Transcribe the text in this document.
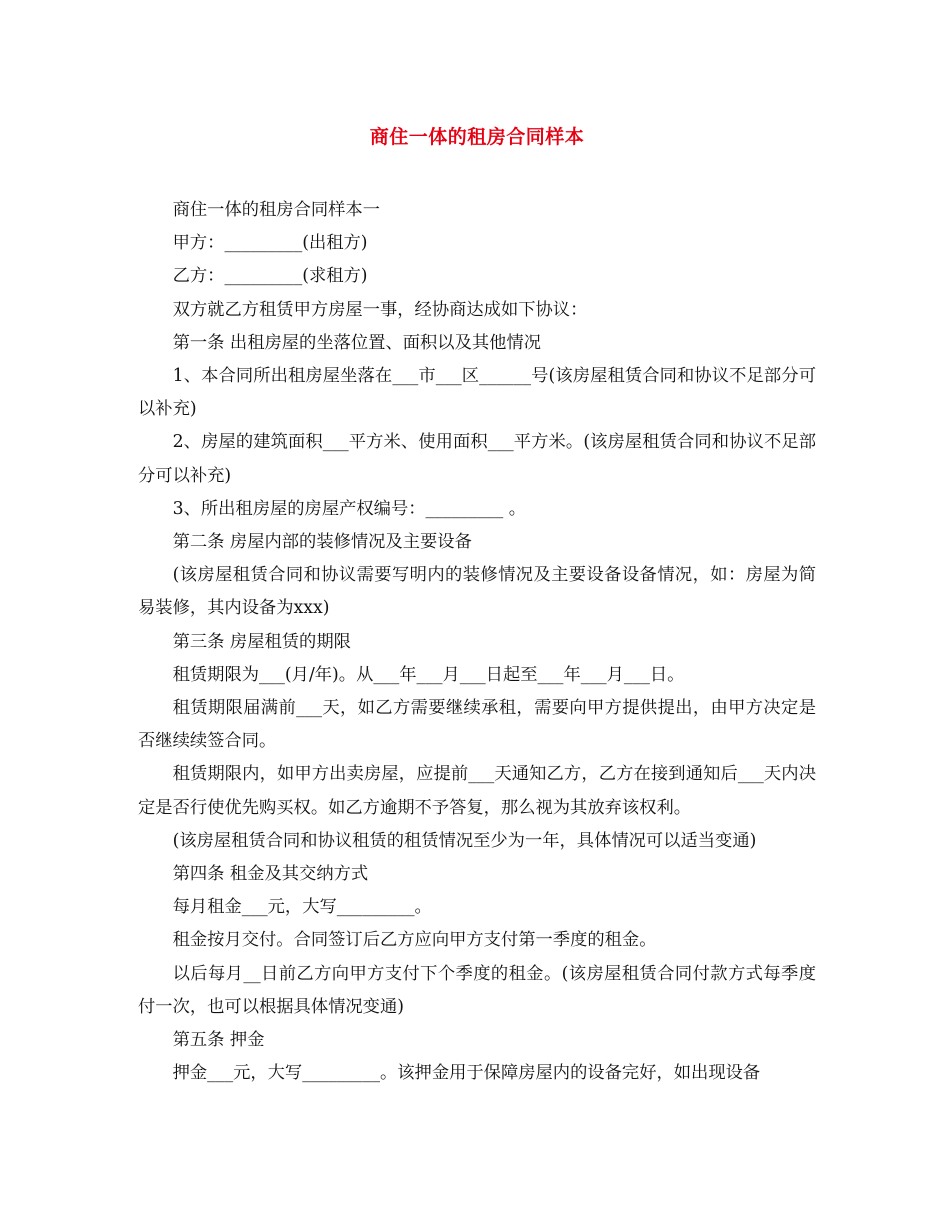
商住一体的租房合同样本

商住一体的租房合同样本一

甲方：_________(出租方)

乙方：_________(求租方)

双方就乙方租赁甲方房屋一事，经协商达成如下协议：

第一条 出租房屋的坐落位置、面积以及其他情况

1、本合同所出租房屋坐落在___市___区______号(该房屋租赁合同和协议不足部分可以补充)

2、房屋的建筑面积___平方米、使用面积___平方米。(该房屋租赁合同和协议不足部分可以补充)

3、所出租房屋的房屋产权编号：_________ 。

第二条 房屋内部的装修情况及主要设备

(该房屋租赁合同和协议需要写明内的装修情况及主要设备设备情况，如：房屋为简易装修，其内设备为xxx)

第三条 房屋租赁的期限

租赁期限为___(月/年)。从___年___月___日起至___年___月___日。

租赁期限届满前___天，如乙方需要继续承租，需要向甲方提供提出，由甲方决定是否继续续签合同。

租赁期限内，如甲方出卖房屋，应提前___天通知乙方，乙方在接到通知后___天内决定是否行使优先购买权。如乙方逾期不予答复，那么视为其放弃该权利。

(该房屋租赁合同和协议租赁的租赁情况至少为一年，具体情况可以适当变通)

第四条 租金及其交纳方式

每月租金___元，大写_________。

租金按月交付。合同签订后乙方应向甲方支付第一季度的租金。

以后每月__日前乙方向甲方支付下个季度的租金。(该房屋租赁合同付款方式每季度付一次，也可以根据具体情况变通)

第五条 押金

押金___元，大写_________。该押金用于保障房屋内的设备完好，如出现设备
